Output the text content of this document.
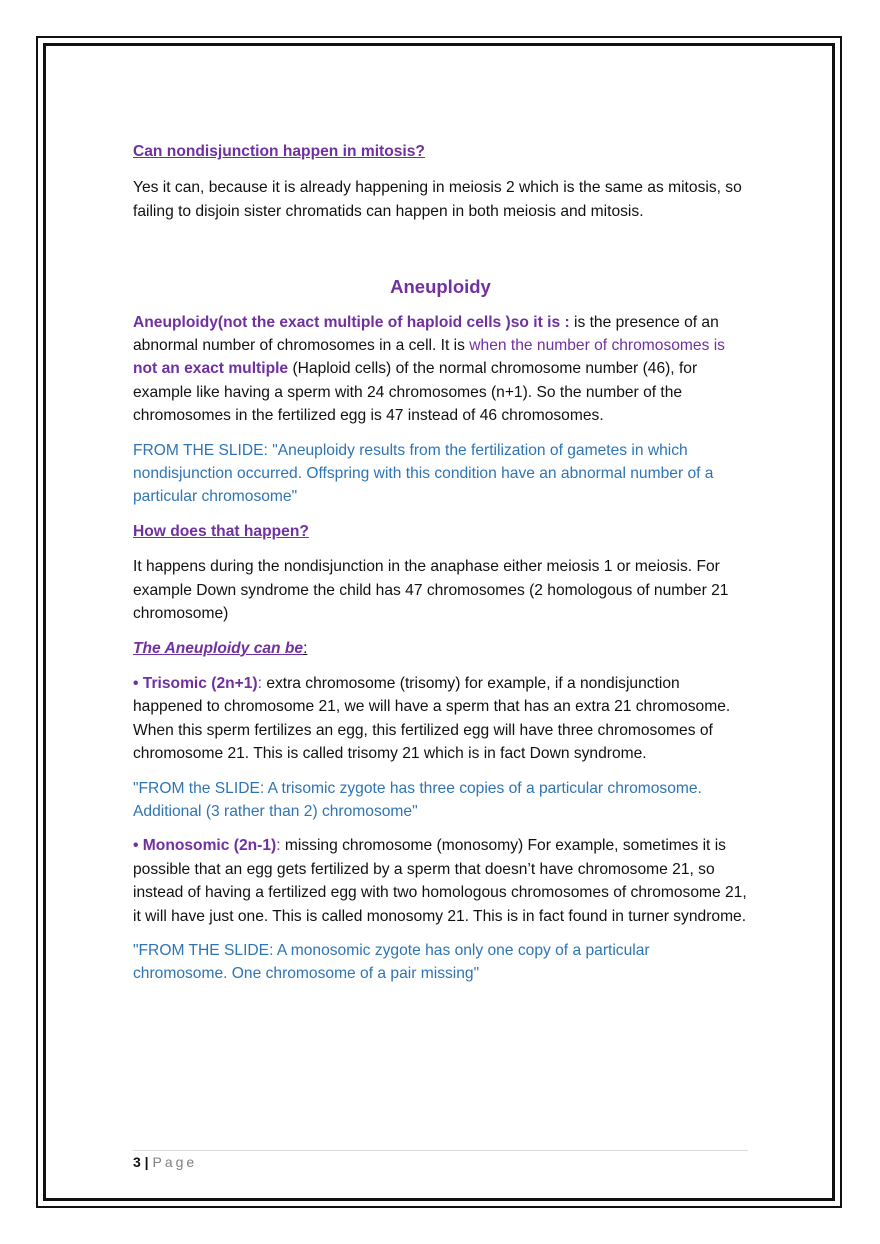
Can nondisjunction happen in mitosis?

Yes it can, because it is already happening in meiosis 2 which is the same as mitosis, so failing to disjoin sister chromatids can happen in both meiosis and mitosis.

Aneuploidy

Aneuploidy(not the exact multiple of haploid cells )so it is : is the presence of an abnormal number of chromosomes in a cell. It is when the number of chromosomes is not an exact multiple (Haploid cells) of the normal chromosome number (46), for example like having a sperm with 24 chromosomes (n+1). So the number of the chromosomes in the fertilized egg is 47 instead of 46 chromosomes.

FROM THE SLIDE: "Aneuploidy results from the fertilization of gametes in which nondisjunction occurred. Offspring with this condition have an abnormal number of a particular chromosome"

How does that happen?

It happens during the nondisjunction in the anaphase either meiosis 1 or meiosis. For example Down syndrome the child has 47 chromosomes (2 homologous of number 21 chromosome)

The Aneuploidy can be:

• Trisomic (2n+1): extra chromosome (trisomy) for example, if a nondisjunction happened to chromosome 21, we will have a sperm that has an extra 21 chromosome. When this sperm fertilizes an egg, this fertilized egg will have three chromosomes of chromosome 21. This is called trisomy 21 which is in fact Down syndrome.

"FROM the SLIDE: A trisomic zygote has three copies of a particular chromosome. Additional (3 rather than 2) chromosome"

• Monosomic (2n-1): missing chromosome (monosomy) For example, sometimes it is possible that an egg gets fertilized by a sperm that doesn’t have chromosome 21, so instead of having a fertilized egg with two homologous chromosomes of chromosome 21, it will have just one. This is called monosomy 21. This is in fact found in turner syndrome.

"FROM THE SLIDE: A monosomic zygote has only one copy of a particular chromosome. One chromosome of a pair missing"

3 | Page
